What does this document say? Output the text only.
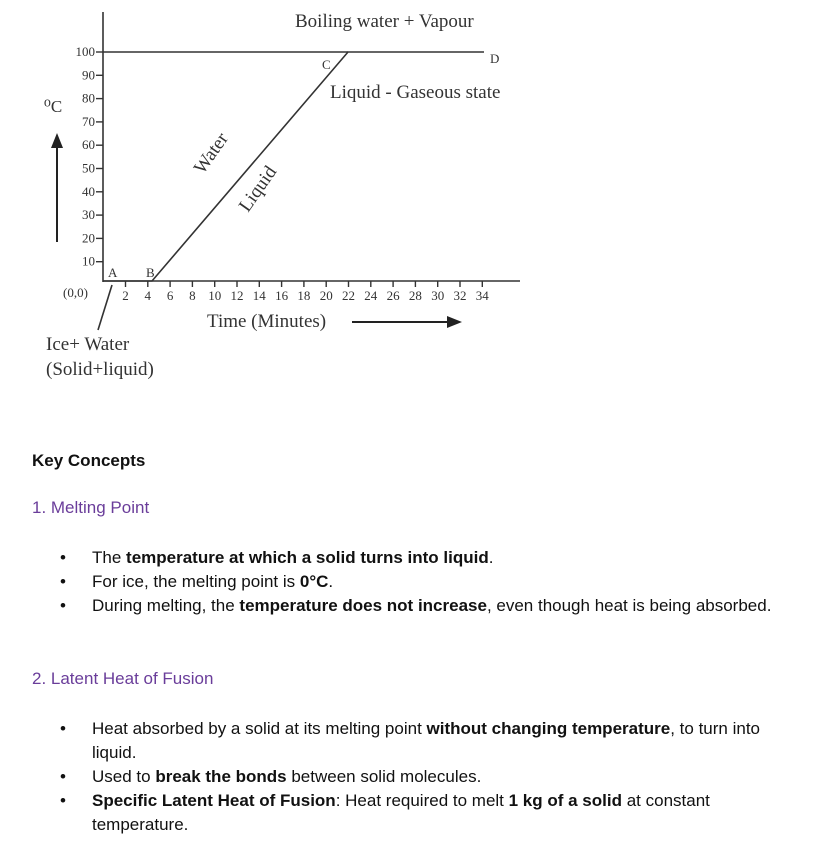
100
90
80
70
60
50
40
30
20
10
2 4 6 8 10 12 14 16 18 20 22 24 26 28 30 32 34
⁰C
(0,0)
A B
C	D
Boiling water + Vapour
Liquid - Gaseous state
Water
Liquid
Time (Minutes)
Ice+ Water
(Solid+liquid)
Key Concepts
1. Melting Point
• The temperature at which a solid turns into liquid.
• For ice, the melting point is 0°C.
• During melting, the temperature does not increase, even though heat is being absorbed.
2. Latent Heat of Fusion
• Heat absorbed by a solid at its melting point without changing temperature, to turn into liquid.
• Used to break the bonds between solid molecules.
• Specific Latent Heat of Fusion: Heat required to melt 1 kg of a solid at constant temperature.
